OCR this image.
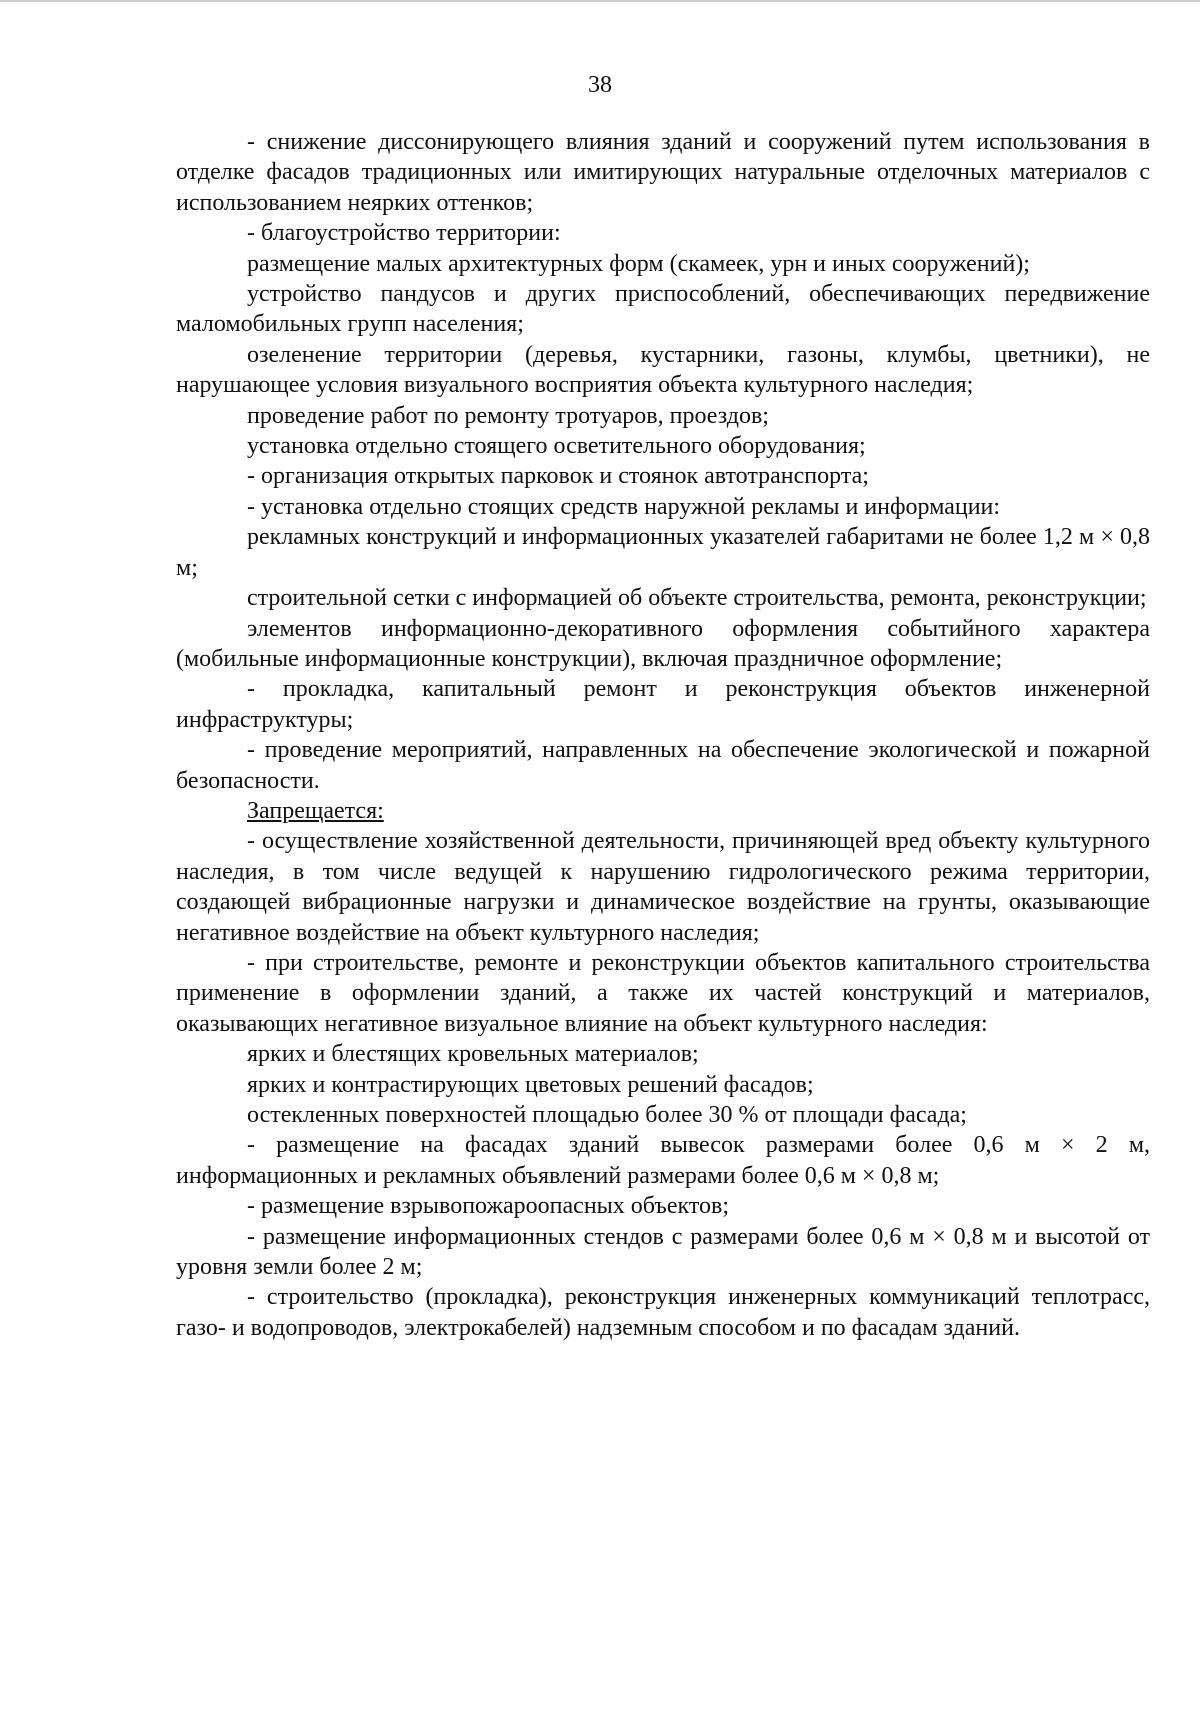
38

- снижение диссонирующего влияния зданий и сооружений путем использования в отделке фасадов традиционных или имитирующих натуральные отделочных материалов с использованием неярких оттенков;

- благоустройство территории:

размещение малых архитектурных форм (скамеек, урн и иных сооружений);

устройство пандусов и других приспособлений, обеспечивающих передвижение маломобильных групп населения;

озеленение территории (деревья, кустарники, газоны, клумбы, цветники), не нарушающее условия визуального восприятия объекта культурного наследия;

проведение работ по ремонту тротуаров, проездов;

установка отдельно стоящего осветительного оборудования;

- организация открытых парковок и стоянок автотранспорта;

- установка отдельно стоящих средств наружной рекламы и информации:

рекламных конструкций и информационных указателей габаритами не более 1,2 м × 0,8 м;

строительной сетки с информацией об объекте строительства, ремонта, реконструкции;

элементов информационно-декоративного оформления событийного характера (мобильные информационные конструкции), включая праздничное оформление;

- прокладка, капитальный ремонт и реконструкция объектов инженерной инфраструктуры;

- проведение мероприятий, направленных на обеспечение экологической и пожарной безопасности.

Запрещается:

- осуществление хозяйственной деятельности, причиняющей вред объекту культурного наследия, в том числе ведущей к нарушению гидрологического режима территории, создающей вибрационные нагрузки и динамическое воздействие на грунты, оказывающие негативное воздействие на объект культурного наследия;

- при строительстве, ремонте и реконструкции объектов капитального строительства применение в оформлении зданий, а также их частей конструкций и материалов, оказывающих негативное визуальное влияние на объект культурного наследия:

ярких и блестящих кровельных материалов;

ярких и контрастирующих цветовых решений фасадов;

остекленных поверхностей площадью более 30 % от площади фасада;

- размещение на фасадах зданий вывесок размерами более 0,6 м × 2 м, информационных и рекламных объявлений размерами более 0,6 м × 0,8 м;

- размещение взрывопожароопасных объектов;

- размещение информационных стендов с размерами более 0,6 м × 0,8 м и высотой от уровня земли более 2 м;

- строительство (прокладка), реконструкция инженерных коммуникаций теплотрасс, газо- и водопроводов, электрокабелей) надземным способом и по фасадам зданий.
